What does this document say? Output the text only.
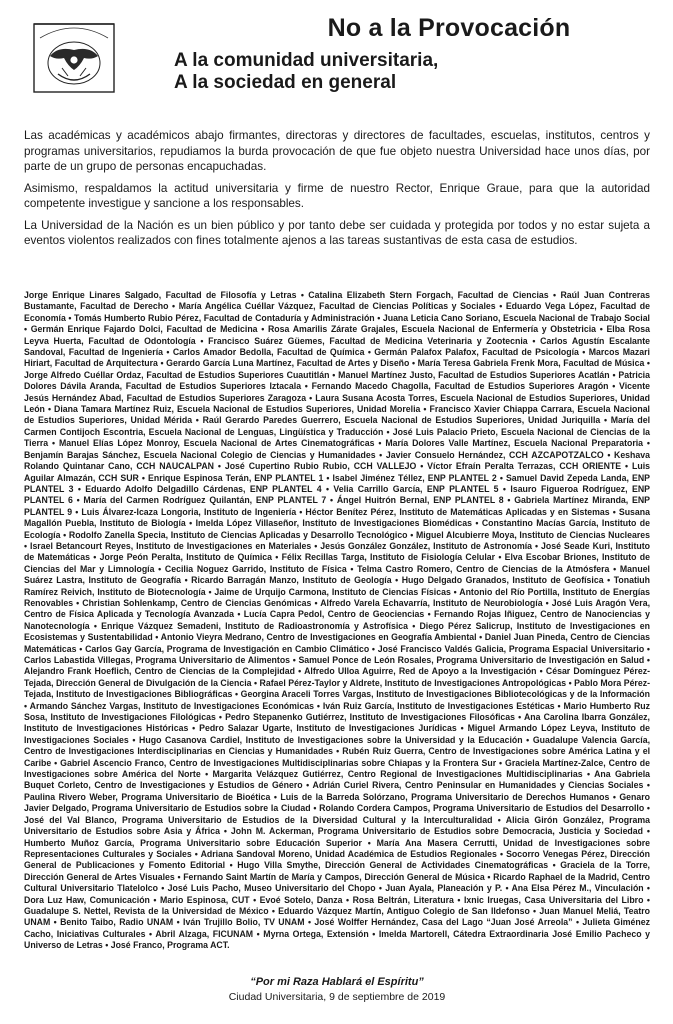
No a la Provocación
A la comunidad universitaria,
A la sociedad en general

Las académicas y académicos abajo firmantes, directoras y directores de facultades, escuelas, institutos, centros y programas universitarios, repudiamos la burda provocación de que fue objeto nuestra Universidad hace unos días, por parte de un grupo de personas encapuchadas.

Asimismo, respaldamos la actitud universitaria y firme de nuestro Rector, Enrique Graue, para que la autoridad competente investigue y sancione a los responsables.

La Universidad de la Nación es un bien público y por tanto debe ser cuidada y protegida por todos y no estar sujeta a eventos violentos realizados con fines totalmente ajenos a las tareas sustantivas de esta casa de estudios.

Jorge Enrique Linares Salgado, Facultad de Filosofía y Letras • Catalina Elizabeth Stern Forgach, Facultad de Ciencias • Raúl Juan Contreras Bustamante, Facultad de Derecho • María Angélica Cuéllar Vázquez, Facultad de Ciencias Políticas y Sociales • Eduardo Vega López, Facultad de Economía • Tomás Humberto Rubio Pérez, Facultad de Contaduría y Administración • Juana Leticia Cano Soriano, Escuela Nacional de Trabajo Social • Germán Enrique Fajardo Dolci, Facultad de Medicina • Rosa Amarilis Zárate Grajales, Escuela Nacional de Enfermería y Obstetricia • Elba Rosa Leyva Huerta, Facultad de Odontología • Francisco Suárez Güemes, Facultad de Medicina Veterinaria y Zootecnia • Carlos Agustín Escalante Sandoval, Facultad de Ingeniería • Carlos Amador Bedolla, Facultad de Química • Germán Palafox Palafox, Facultad de Psicología • Marcos Mazari Hiriart, Facultad de Arquitectura • Gerardo García Luna Martínez, Facultad de Artes y Diseño • María Teresa Gabriela Frenk Mora, Facultad de Música • Jorge Alfredo Cuéllar Ordaz, Facultad de Estudios Superiores Cuautitlán • Manuel Martínez Justo, Facultad de Estudios Superiores Acatlán • Patricia Dolores Dávila Aranda, Facultad de Estudios Superiores Iztacala • Fernando Macedo Chagolla, Facultad de Estudios Superiores Aragón • Vicente Jesús Hernández Abad, Facultad de Estudios Superiores Zaragoza • Laura Susana Acosta Torres, Escuela Nacional de Estudios Superiores, Unidad León • Diana Tamara Martínez Ruiz, Escuela Nacional de Estudios Superiores, Unidad Morelia • Francisco Xavier Chiappa Carrara, Escuela Nacional de Estudios Superiores, Unidad Mérida • Raúl Gerardo Paredes Guerrero, Escuela Nacional de Estudios Superiores, Unidad Juriquilla • María del Carmen Contijoch Escontria, Escuela Nacional de Lenguas, Lingüística y Traducción • José Luis Palacio Prieto, Escuela Nacional de Ciencias de la Tierra • Manuel Elías López Monroy, Escuela Nacional de Artes Cinematográficas • María Dolores Valle Martínez, Escuela Nacional Preparatoria • Benjamín Barajas Sánchez, Escuela Nacional Colegio de Ciencias y Humanidades • Javier Consuelo Hernández, CCH AZCAPOTZALCO • Keshava Rolando Quintanar Cano, CCH NAUCALPAN • José Cupertino Rubio Rubio, CCH VALLEJO • Víctor Efraín Peralta Terrazas, CCH ORIENTE • Luis Aguilar Almazán, CCH SUR • Enrique Espinosa Terán, ENP PLANTEL 1 • Isabel Jiménez Téllez, ENP PLANTEL 2 • Samuel David Zepeda Landa, ENP PLANTEL 3 • Eduardo Adolfo Delgadillo Cárdenas, ENP PLANTEL 4 • Velia Carrillo García, ENP PLANTEL 5 • Isauro Figueroa Rodríguez, ENP PLANTEL 6 • María del Carmen Rodríguez Quilantán, ENP PLANTEL 7 • Ángel Huitrón Bernal, ENP PLANTEL 8 • Gabriela Martínez Miranda, ENP PLANTEL 9 • Luis Álvarez-Icaza Longoria, Instituto de Ingeniería • Héctor Benítez Pérez, Instituto de Matemáticas Aplicadas y en Sistemas • Susana Magallón Puebla, Instituto de Biología • Imelda López Villaseñor, Instituto de Investigaciones Biomédicas • Constantino Macías García, Instituto de Ecología • Rodolfo Zanella Specia, Instituto de Ciencias Aplicadas y Desarrollo Tecnológico • Miguel Alcubierre Moya, Instituto de Ciencias Nucleares • Israel Betancourt Reyes, Instituto de Investigaciones en Materiales • Jesús González González, Instituto de Astronomía • José Seade Kuri, Instituto de Matemáticas • Jorge Peón Peralta, Instituto de Química • Félix Recillas Targa, Instituto de Fisiología Celular • Elva Escobar Briones, Instituto de Ciencias del Mar y Limnología • Cecilia Noguez Garrido, Instituto de Física • Telma Castro Romero, Centro de Ciencias de la Atmósfera • Manuel Suárez Lastra, Instituto de Geografía • Ricardo Barragán Manzo, Instituto de Geología • Hugo Delgado Granados, Instituto de Geofísica • Tonatiuh Ramírez Reivich, Instituto de Biotecnología • Jaime de Urquijo Carmona, Instituto de Ciencias Físicas • Antonio del Río Portilla, Instituto de Energías Renovables • Christian Sohlenkamp, Centro de Ciencias Genómicas • Alfredo Varela Echavarría, Instituto de Neurobiología • José Luis Aragón Vera, Centro de Física Aplicada y Tecnología Avanzada • Lucía Capra Pedol, Centro de Geociencias • Fernando Rojas Iñiguez, Centro de Nanociencias y Nanotecnología • Enrique Vázquez Semadeni, Instituto de Radioastronomía y Astrofísica • Diego Pérez Salicrup, Instituto de Investigaciones en Ecosistemas y Sustentabilidad • Antonio Vieyra Medrano, Centro de Investigaciones en Geografía Ambiental • Daniel Juan Pineda, Centro de Ciencias Matemáticas • Carlos Gay García, Programa de Investigación en Cambio Climático • José Francisco Valdés Galicia, Programa Espacial Universitario • Carlos Labastida Villegas, Programa Universitario de Alimentos • Samuel Ponce de León Rosales, Programa Universitario de Investigación en Salud • Alejandro Frank Hoeflich, Centro de Ciencias de la Complejidad • Alfredo Ulloa Aguirre, Red de Apoyo a la Investigación • César Domínguez Pérez-Tejada, Dirección General de Divulgación de la Ciencia • Rafael Pérez-Taylor y Aldrete, Instituto de Investigaciones Antropológicas • Pablo Mora Pérez-Tejada, Instituto de Investigaciones Bibliográficas • Georgina Araceli Torres Vargas, Instituto de Investigaciones Bibliotecológicas y de la Información • Armando Sánchez Vargas, Instituto de Investigaciones Económicas • Iván Ruiz García, Instituto de Investigaciones Estéticas • Mario Humberto Ruz Sosa, Instituto de Investigaciones Filológicas • Pedro Stepanenko Gutiérrez, Instituto de Investigaciones Filosóficas • Ana Carolina Ibarra González, Instituto de Investigaciones Históricas • Pedro Salazar Ugarte, Instituto de Investigaciones Jurídicas • Miguel Armando López Leyva, Instituto de Investigaciones Sociales • Hugo Casanova Cardiel, Instituto de Investigaciones sobre la Universidad y la Educación • Guadalupe Valencia García, Centro de Investigaciones Interdisciplinarias en Ciencias y Humanidades • Rubén Ruiz Guerra, Centro de Investigaciones sobre América Latina y el Caribe • Gabriel Ascencio Franco, Centro de Investigaciones Multidisciplinarias sobre Chiapas y la Frontera Sur • Graciela Martínez-Zalce, Centro de Investigaciones sobre América del Norte • Margarita Velázquez Gutiérrez, Centro Regional de Investigaciones Multidisciplinarias • Ana Gabriela Buquet Corleto, Centro de Investigaciones y Estudios de Género • Adrián Curiel Rivera, Centro Peninsular en Humanidades y Ciencias Sociales • Paulina Rivero Weber, Programa Universitario de Bioética • Luis de la Barreda Solórzano, Programa Universitario de Derechos Humanos • Genaro Javier Delgado, Programa Universitario de Estudios sobre la Ciudad • Rolando Cordera Campos, Programa Universitario de Estudios del Desarrollo • José del Val Blanco, Programa Universitario de Estudios de la Diversidad Cultural y la Interculturalidad • Alicia Girón González, Programa Universitario de Estudios sobre Asia y África • John M. Ackerman, Programa Universitario de Estudios sobre Democracia, Justicia y Sociedad • Humberto Muñoz García, Programa Universitario sobre Educación Superior • María Ana Masera Cerrutti, Unidad de Investigaciones sobre Representaciones Culturales y Sociales • Adriana Sandoval Moreno, Unidad Académica de Estudios Regionales • Socorro Venegas Pérez, Dirección General de Publicaciones y Fomento Editorial • Hugo Villa Smythe, Dirección General de Actividades Cinematográficas • Graciela de la Torre, Dirección General de Artes Visuales • Fernando Saint Martín de María y Campos, Dirección General de Música • Ricardo Raphael de la Madrid, Centro Cultural Universitario Tlatelolco • José Luis Pacho, Museo Universitario del Chopo • Juan Ayala, Planeación y P. • Ana Elsa Pérez M., Vinculación • Dora Luz Haw, Comunicación • Mario Espinosa, CUT • Evoé Sotelo, Danza • Rosa Beltrán, Literatura • Ixnic Iruegas, Casa Universitaria del Libro • Guadalupe S. Nettel, Revista de la Universidad de México • Eduardo Vázquez Martín, Antiguo Colegio de San Ildefonso • Juan Manuel Meliá, Teatro UNAM • Benito Taibo, Radio UNAM • Iván Trujillo Bolio, TV UNAM • José Wolffer Hernández, Casa del Lago “Juan José Arreola” • Julieta Giménez Cacho, Iniciativas Culturales • Abril Alzaga, FICUNAM • Myrna Ortega, Extensión • Imelda Martorell, Cátedra Extraordinaria José Emilio Pacheco y Universo de Letras • José Franco, Programa ACT.
“Por mi Raza Hablará el Espíritu”
Ciudad Universitaria, 9 de septiembre de 2019
